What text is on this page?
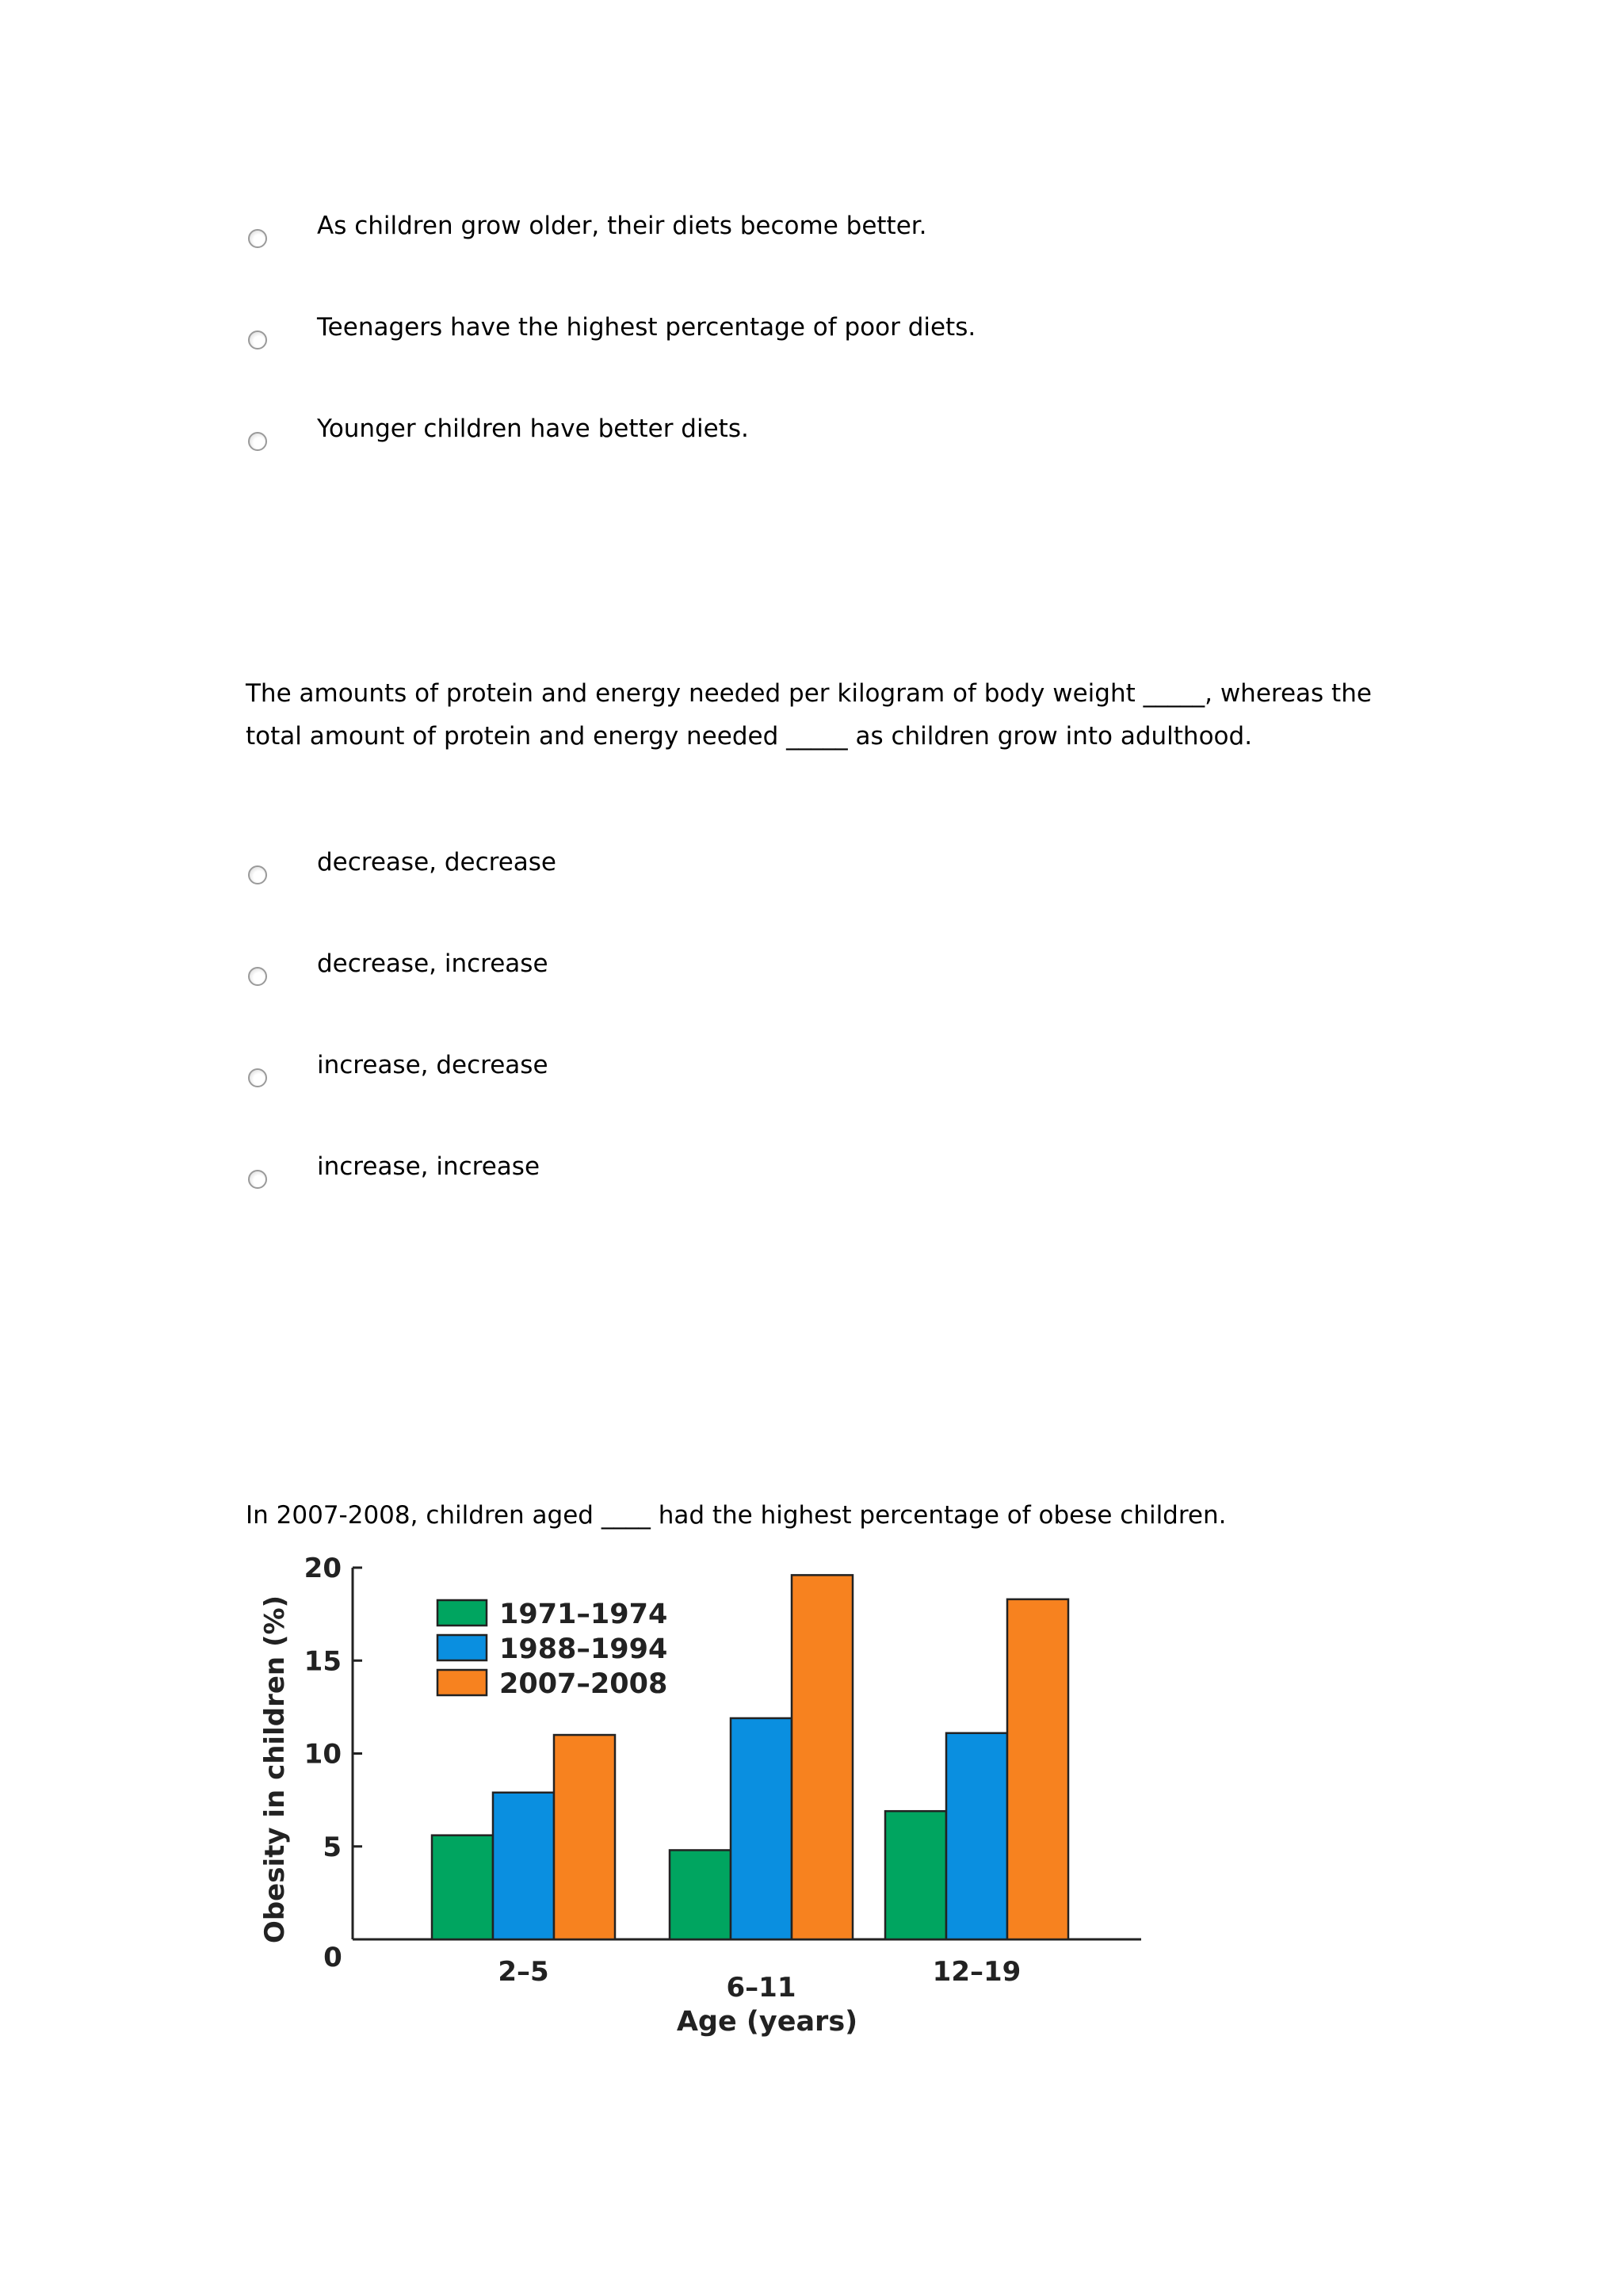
As children grow older, their diets become better.
Teenagers have the highest percentage of poor diets.
Younger children have better diets.
The amounts of protein and energy needed per kilogram of body weight _____, whereas the
total amount of protein and energy needed _____ as children grow into adulthood.
decrease, decrease
decrease, increase
increase, decrease
increase, increase
In 2007-2008, children aged ____ had the highest percentage of obese children.
0
5
10
15
20
Obesity in children (%)
2–5	6–11	12–19
Age (years)
1971–1974
1988–1994
2007–2008
